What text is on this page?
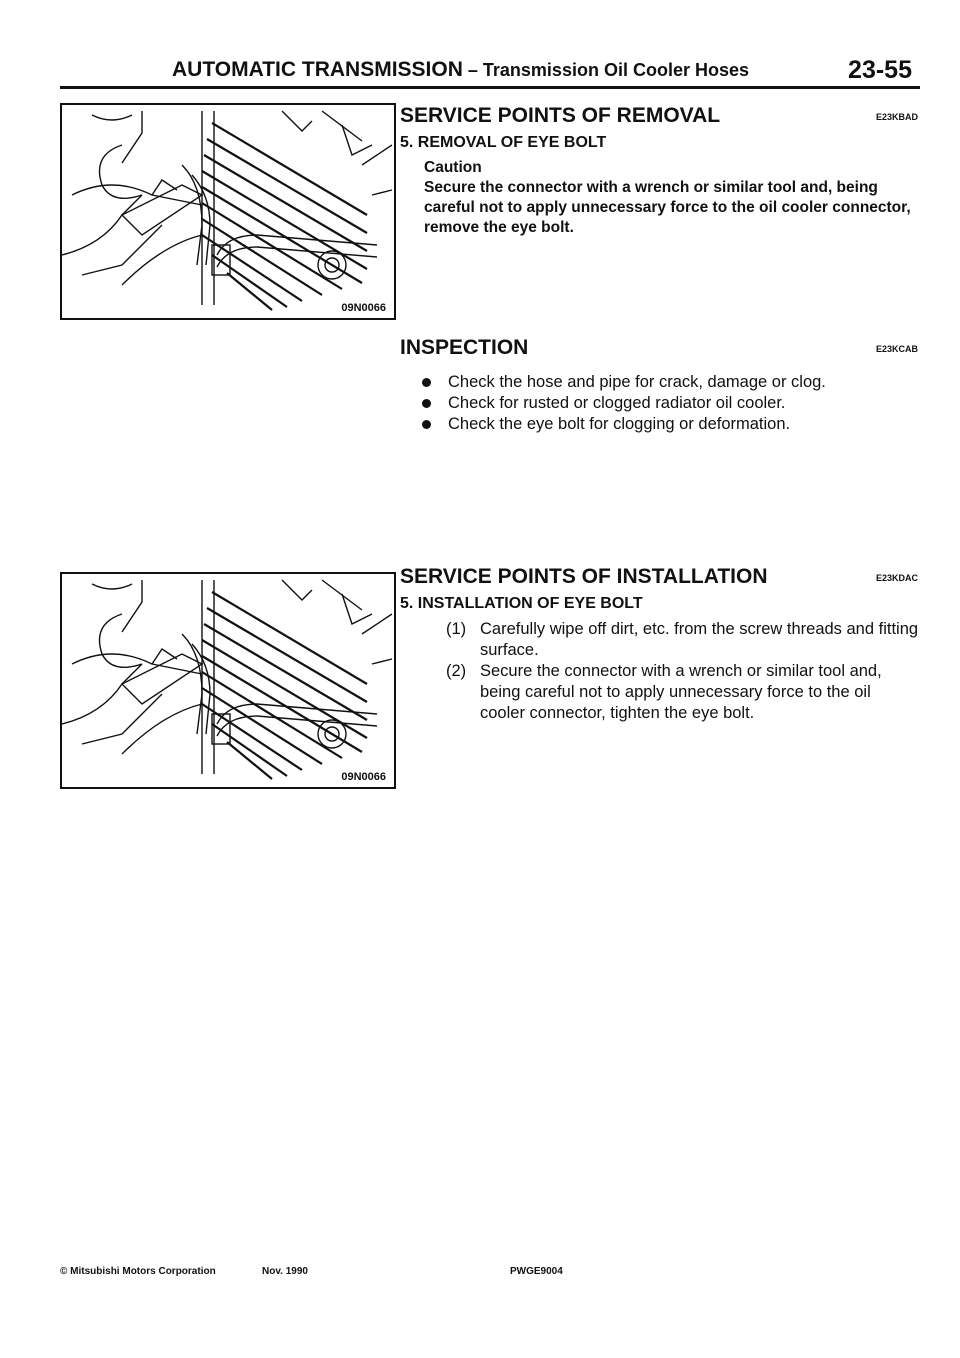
AUTOMATIC TRANSMISSION – Transmission Oil Cooler Hoses	23-55
09N0066
09N0066
SERVICE POINTS OF REMOVAL	E23KBAD
5. REMOVAL OF EYE BOLT
Caution
Secure the connector with a wrench or similar tool and, being careful not to apply unnecessary force to the oil cooler connector, remove the eye bolt.
INSPECTION	E23KCAB
Check the hose and pipe for crack, damage or clog.
Check for rusted or clogged radiator oil cooler.
Check the eye bolt for clogging or deformation.
SERVICE POINTS OF INSTALLATION	E23KDAC
5. INSTALLATION OF EYE BOLT
(1) Carefully wipe off dirt, etc. from the screw threads and fitting surface.
(2) Secure the connector with a wrench or similar tool and, being careful not to apply unnecessary force to the oil cooler connector, tighten the eye bolt.
© Mitsubishi Motors Corporation	Nov. 1990	PWGE9004
